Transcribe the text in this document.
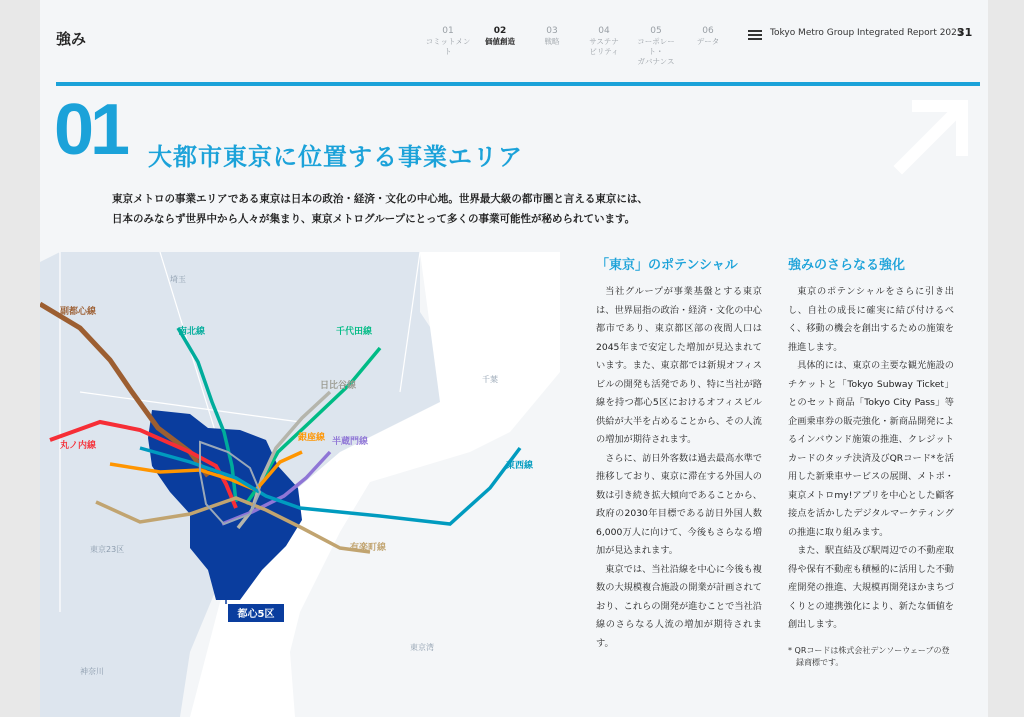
強み	01
コミットメント
02
価値創造
03
戦略
04
サステナ
ビリティ
05
コーポレート・
ガバナンス
06
データ
Tokyo Metro Group Integrated Report 2025
31
01 大都市東京に位置する事業エリア
東京メトロの事業エリアである東京は日本の政治・経済・文化の中心地。世界最大級の都市圏と言える東京には、
日本のみならず世界中から人々が集まり、東京メトログループにとって多くの事業可能性が秘められています。
埼玉
千葉
東京23区
神奈川
東京湾
副都心線
南北線	千代田線
日比谷線
丸ノ内線
銀座線 半蔵門線
東西線
有楽町線
都心5区
「東京」のポテンシャル

当社グループが事業基盤とする東京は、世界屈指の政治・経済・文化の中心都市であり、東京都区部の夜間人口は2045年まで安定した増加が見込まれています。また、東京都では新規オフィスビルの開発も活発であり、特に当社が路線を持つ都心5区におけるオフィスビル供給が大半を占めることから、その人流の増加が期待されます。

さらに、訪日外客数は過去最高水準で推移しており、東京に滞在する外国人の数は引き続き拡大傾向であることから、政府の2030年目標である訪日外国人数6,000万人に向けて、今後もさらなる増加が見込まれます。

東京では、当社沿線を中心に今後も複数の大規模複合施設の開業が計画されており、これらの開発が進むことで当社沿線のさらなる人流の増加が期待されます。

強みのさらなる強化

東京のポテンシャルをさらに引き出し、自社の成長に確実に結び付けるべく、移動の機会を創出するための施策を推進します。

具体的には、東京の主要な観光施設のチケットと「Tokyo Subway Ticket」とのセット商品「Tokyo City Pass」等企画乗車券の販売強化・新商品開発によるインバウンド施策の推進、クレジットカードのタッチ決済及びQRコード*を活用した新乗車サービスの展開、メトポ・東京メトロmy!アプリを中心とした顧客接点を活かしたデジタルマーケティングの推進に取り組みます。

また、駅直結及び駅周辺での不動産取得や保有不動産も積極的に活用した不動産開発の推進、大規模再開発ほかまちづくりとの連携強化により、新たな価値を創出します。

* QRコードは株式会社デンソーウェーブの登録商標です。
